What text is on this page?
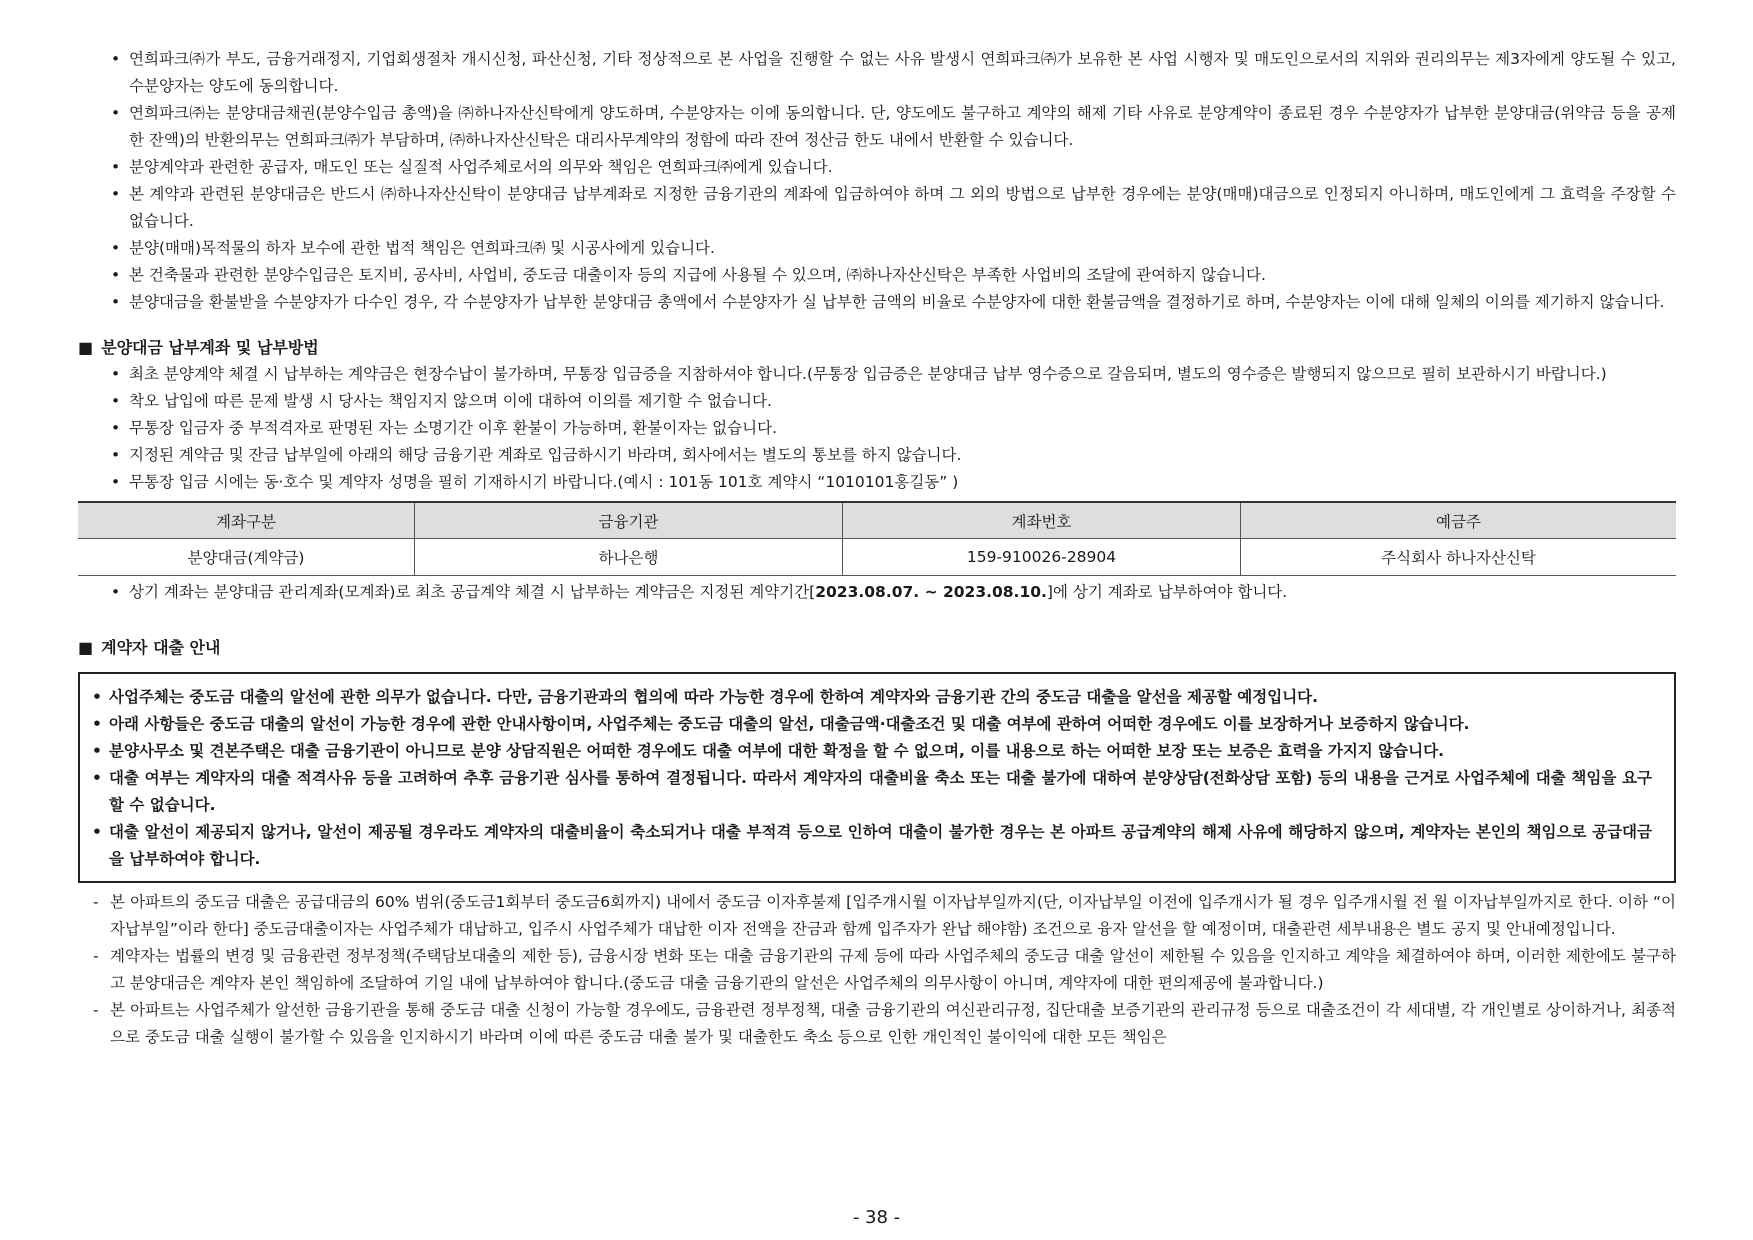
• 연희파크㈜가 부도, 금융거래정지, 기업회생절차 개시신청, 파산신청, 기타 정상적으로 본 사업을 진행할 수 없는 사유 발생시 연희파크㈜가 보유한 본 사업 시행자 및 매도인으로서의 지위와 권리의무는 제3자에게 양도될 수 있고, 수분양자는 양도에 동의합니다.
• 연희파크㈜는 분양대금채권(분양수입금 총액)을 ㈜하나자산신탁에게 양도하며, 수분양자는 이에 동의합니다. 단, 양도에도 불구하고 계약의 해제 기타 사유로 분양계약이 종료된 경우 수분양자가 납부한 분양대금(위약금 등을 공제한 잔액)의 반환의무는 연희파크㈜가 부담하며, ㈜하나자산신탁은 대리사무계약의 정함에 따라 잔여 정산금 한도 내에서 반환할 수 있습니다.
• 분양계약과 관련한 공급자, 매도인 또는 실질적 사업주체로서의 의무와 책임은 연희파크㈜에게 있습니다.
• 본 계약과 관련된 분양대금은 반드시 ㈜하나자산신탁이 분양대금 납부계좌로 지정한 금융기관의 계좌에 입금하여야 하며 그 외의 방법으로 납부한 경우에는 분양(매매)대금으로 인정되지 아니하며, 매도인에게 그 효력을 주장할 수 없습니다.
• 분양(매매)목적물의 하자 보수에 관한 법적 책임은 연희파크㈜ 및 시공사에게 있습니다.
• 본 건축물과 관련한 분양수입금은 토지비, 공사비, 사업비, 중도금 대출이자 등의 지급에 사용될 수 있으며, ㈜하나자산신탁은 부족한 사업비의 조달에 관여하지 않습니다.
• 분양대금을 환불받을 수분양자가 다수인 경우, 각 수분양자가 납부한 분양대금 총액에서 수분양자가 실 납부한 금액의 비율로 수분양자에 대한 환불금액을 결정하기로 하며, 수분양자는 이에 대해 일체의 이의를 제기하지 않습니다.
■ 분양대금 납부계좌 및 납부방법
• 최초 분양계약 체결 시 납부하는 계약금은 현장수납이 불가하며, 무통장 입금증을 지참하셔야 합니다.(무통장 입금증은 분양대금 납부 영수증으로 갈음되며, 별도의 영수증은 발행되지 않으므로 필히 보관하시기 바랍니다.)
• 착오 납입에 따른 문제 발생 시 당사는 책임지지 않으며 이에 대하여 이의를 제기할 수 없습니다.
• 무통장 입금자 중 부적격자로 판명된 자는 소명기간 이후 환불이 가능하며, 환불이자는 없습니다.
• 지정된 계약금 및 잔금 납부일에 아래의 해당 금융기관 계좌로 입금하시기 바라며, 회사에서는 별도의 통보를 하지 않습니다.
• 무통장 입금 시에는 동·호수 및 계약자 성명을 필히 기재하시기 바랍니다.(예시 : 101동 101호 계약시 “1010101홍길동” )
계좌구분	금융기관	계좌번호	예금주
분양대금(계약금)	하나은행	159-910026-28904	주식회사 하나자산신탁
• 상기 계좌는 분양대금 관리계좌(모계좌)로 최초 공급계약 체결 시 납부하는 계약금은 지정된 계약기간[2023.08.07. ~ 2023.08.10.]에 상기 계좌로 납부하여야 합니다.
■ 계약자 대출 안내
• 사업주체는 중도금 대출의 알선에 관한 의무가 없습니다. 다만, 금융기관과의 협의에 따라 가능한 경우에 한하여 계약자와 금융기관 간의 중도금 대출을 알선을 제공할 예정입니다.
• 아래 사항들은 중도금 대출의 알선이 가능한 경우에 관한 안내사항이며, 사업주체는 중도금 대출의 알선, 대출금액·대출조건 및 대출 여부에 관하여 어떠한 경우에도 이를 보장하거나 보증하지 않습니다.
• 분양사무소 및 견본주택은 대출 금융기관이 아니므로 분양 상담직원은 어떠한 경우에도 대출 여부에 대한 확정을 할 수 없으며, 이를 내용으로 하는 어떠한 보장 또는 보증은 효력을 가지지 않습니다.
• 대출 여부는 계약자의 대출 적격사유 등을 고려하여 추후 금융기관 심사를 통하여 결정됩니다. 따라서 계약자의 대출비율 축소 또는 대출 불가에 대하여 분양상담(전화상담 포함) 등의 내용을 근거로 사업주체에 대출 책임을 요구할 수 없습니다.
• 대출 알선이 제공되지 않거나, 알선이 제공될 경우라도 계약자의 대출비율이 축소되거나 대출 부적격 등으로 인하여 대출이 불가한 경우는 본 아파트 공급계약의 해제 사유에 해당하지 않으며, 계약자는 본인의 책임으로 공급대금을 납부하여야 합니다.
- 본 아파트의 중도금 대출은 공급대금의 60% 범위(중도금1회부터 중도금6회까지) 내에서 중도금 이자후불제 [입주개시월 이자납부일까지(단, 이자납부일 이전에 입주개시가 될 경우 입주개시월 전 월 이자납부일까지로 한다. 이하 “이자납부일”이라 한다] 중도금대출이자는 사업주체가 대납하고, 입주시 사업주체가 대납한 이자 전액을 잔금과 함께 입주자가 완납 해야함) 조건으로 융자 알선을 할 예정이며, 대출관련 세부내용은 별도 공지 및 안내예정입니다.
- 계약자는 법률의 변경 및 금융관련 정부정책(주택담보대출의 제한 등), 금융시장 변화 또는 대출 금융기관의 규제 등에 따라 사업주체의 중도금 대출 알선이 제한될 수 있음을 인지하고 계약을 체결하여야 하며, 이러한 제한에도 불구하고 분양대금은 계약자 본인 책임하에 조달하여 기일 내에 납부하여야 합니다.(중도금 대출 금융기관의 알선은 사업주체의 의무사항이 아니며, 계약자에 대한 편의제공에 불과합니다.)
- 본 아파트는 사업주체가 알선한 금융기관을 통해 중도금 대출 신청이 가능할 경우에도, 금융관련 정부정책, 대출 금융기관의 여신관리규정, 집단대출 보증기관의 관리규정 등으로 대출조건이 각 세대별, 각 개인별로 상이하거나, 최종적으로 중도금 대출 실행이 불가할 수 있음을 인지하시기 바라며 이에 따른 중도금 대출 불가 및 대출한도 축소 등으로 인한 개인적인 불이익에 대한 모든 책임은
- 38 -
